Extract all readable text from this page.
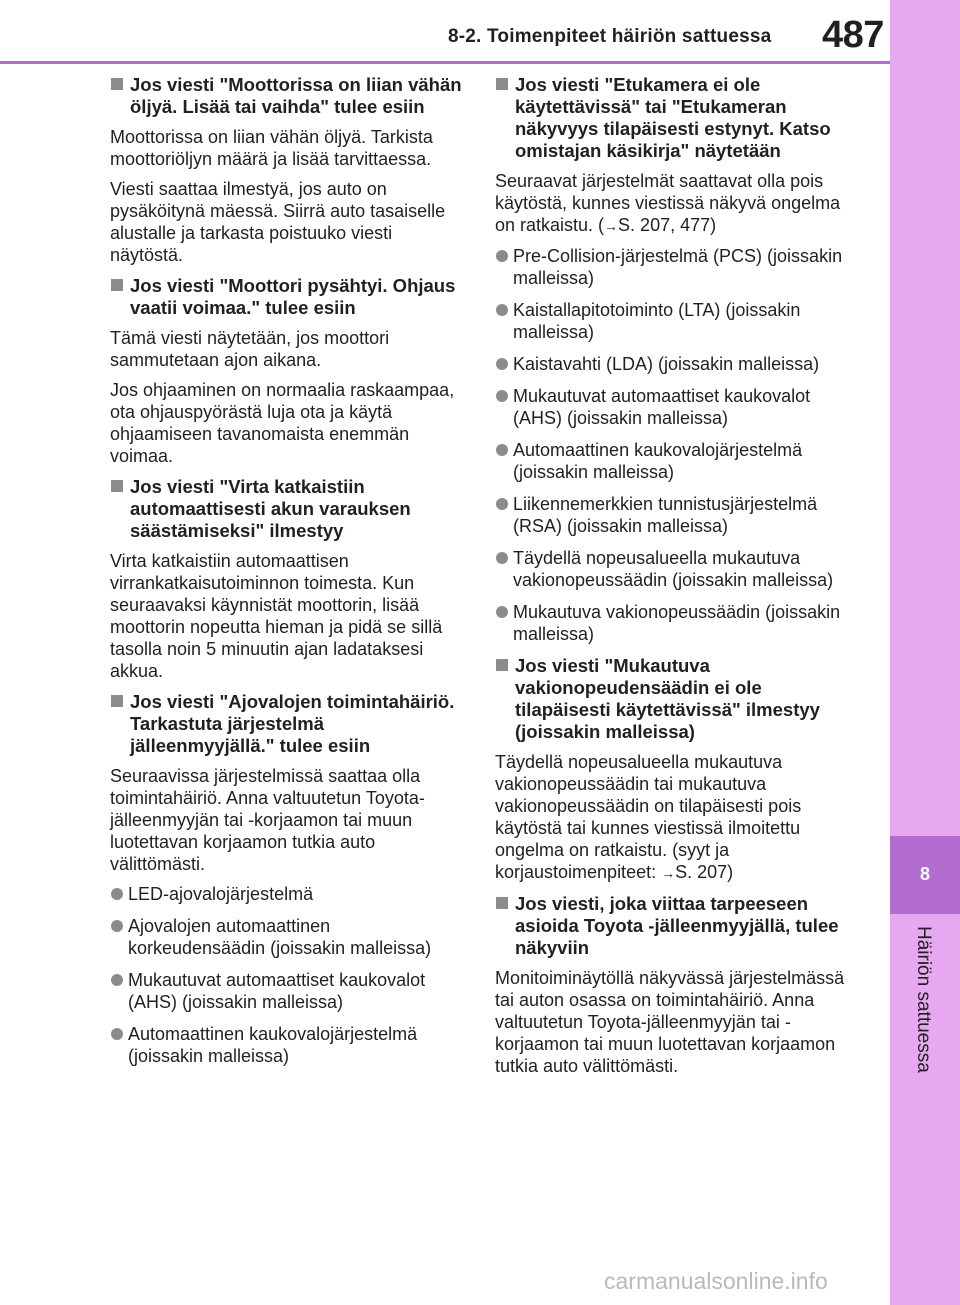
8-2. Toimenpiteet häiriön sattuessa 487
8
Häiriön sattuessa
Jos viesti "Moottorissa on liian vähän öljyä. Lisää tai vaihda" tulee esiin
Moottorissa on liian vähän öljyä. Tarkista moottoriöljyn määrä ja lisää tarvittaessa.
Viesti saattaa ilmestyä, jos auto on pysäköitynä mäessä. Siirrä auto tasaiselle alustalle ja tarkasta poistuuko viesti näytöstä.
Jos viesti "Moottori pysähtyi. Ohjaus vaatii voimaa." tulee esiin
Tämä viesti näytetään, jos moottori sammutetaan ajon aikana.
Jos ohjaaminen on normaalia raskaampaa, ota ohjauspyörästä luja ota ja käytä ohjaamiseen tavanomaista enemmän voimaa.
Jos viesti "Virta katkaistiin automaattisesti akun varauksen säästämiseksi" ilmestyy
Virta katkaistiin automaattisen virrankatkaisutoiminnon toimesta. Kun seuraavaksi käynnistät moottorin, lisää moottorin nopeutta hieman ja pidä se sillä tasolla noin 5 minuutin ajan ladataksesi akkua.
Jos viesti "Ajovalojen toimintahäiriö. Tarkastuta järjestelmä jälleenmyyjällä." tulee esiin
Seuraavissa järjestelmissä saattaa olla toimintahäiriö. Anna valtuutetun Toyota-jälleenmyyjän tai -korjaamon tai muun luotettavan korjaamon tutkia auto välittömästi.
LED-ajovalojärjestelmä
Ajovalojen automaattinen korkeudensäädin (joissakin malleissa)
Mukautuvat automaattiset kaukovalot (AHS) (joissakin malleissa)
Automaattinen kaukovalojärjestelmä (joissakin malleissa)
Jos viesti "Etukamera ei ole käytettävissä" tai "Etukameran näkyvyys tilapäisesti estynyt. Katso omistajan käsikirja" näytetään
Seuraavat järjestelmät saattavat olla pois käytöstä, kunnes viestissä näkyvä ongelma on ratkaistu. (→S. 207, 477)
Pre-Collision-järjestelmä (PCS) (joissakin malleissa)
Kaistallapitotoiminto (LTA) (joissakin malleissa)
Kaistavahti (LDA) (joissakin malleissa)
Mukautuvat automaattiset kaukovalot (AHS) (joissakin malleissa)
Automaattinen kaukovalojärjestelmä (joissakin malleissa)
Liikennemerkkien tunnistusjärjestelmä (RSA) (joissakin malleissa)
Täydellä nopeusalueella mukautuva vakionopeussäädin (joissakin malleissa)
Mukautuva vakionopeussäädin (joissakin malleissa)
Jos viesti "Mukautuva vakionopeudensäädin ei ole tilapäisesti käytettävissä" ilmestyy (joissakin malleissa)
Täydellä nopeusalueella mukautuva vakionopeussäädin tai mukautuva vakionopeussäädin on tilapäisesti pois käytöstä tai kunnes viestissä ilmoitettu ongelma on ratkaistu. (syyt ja korjaustoimenpiteet: →S. 207)
Jos viesti, joka viittaa tarpeeseen asioida Toyota -jälleenmyyjällä, tulee näkyviin
Monitoiminäytöllä näkyvässä järjestelmässä tai auton osassa on toimintahäiriö. Anna valtuutetun Toyota-jälleenmyyjän tai -korjaamon tai muun luotettavan korjaamon tutkia auto välittömästi.
carmanualsonline.info
